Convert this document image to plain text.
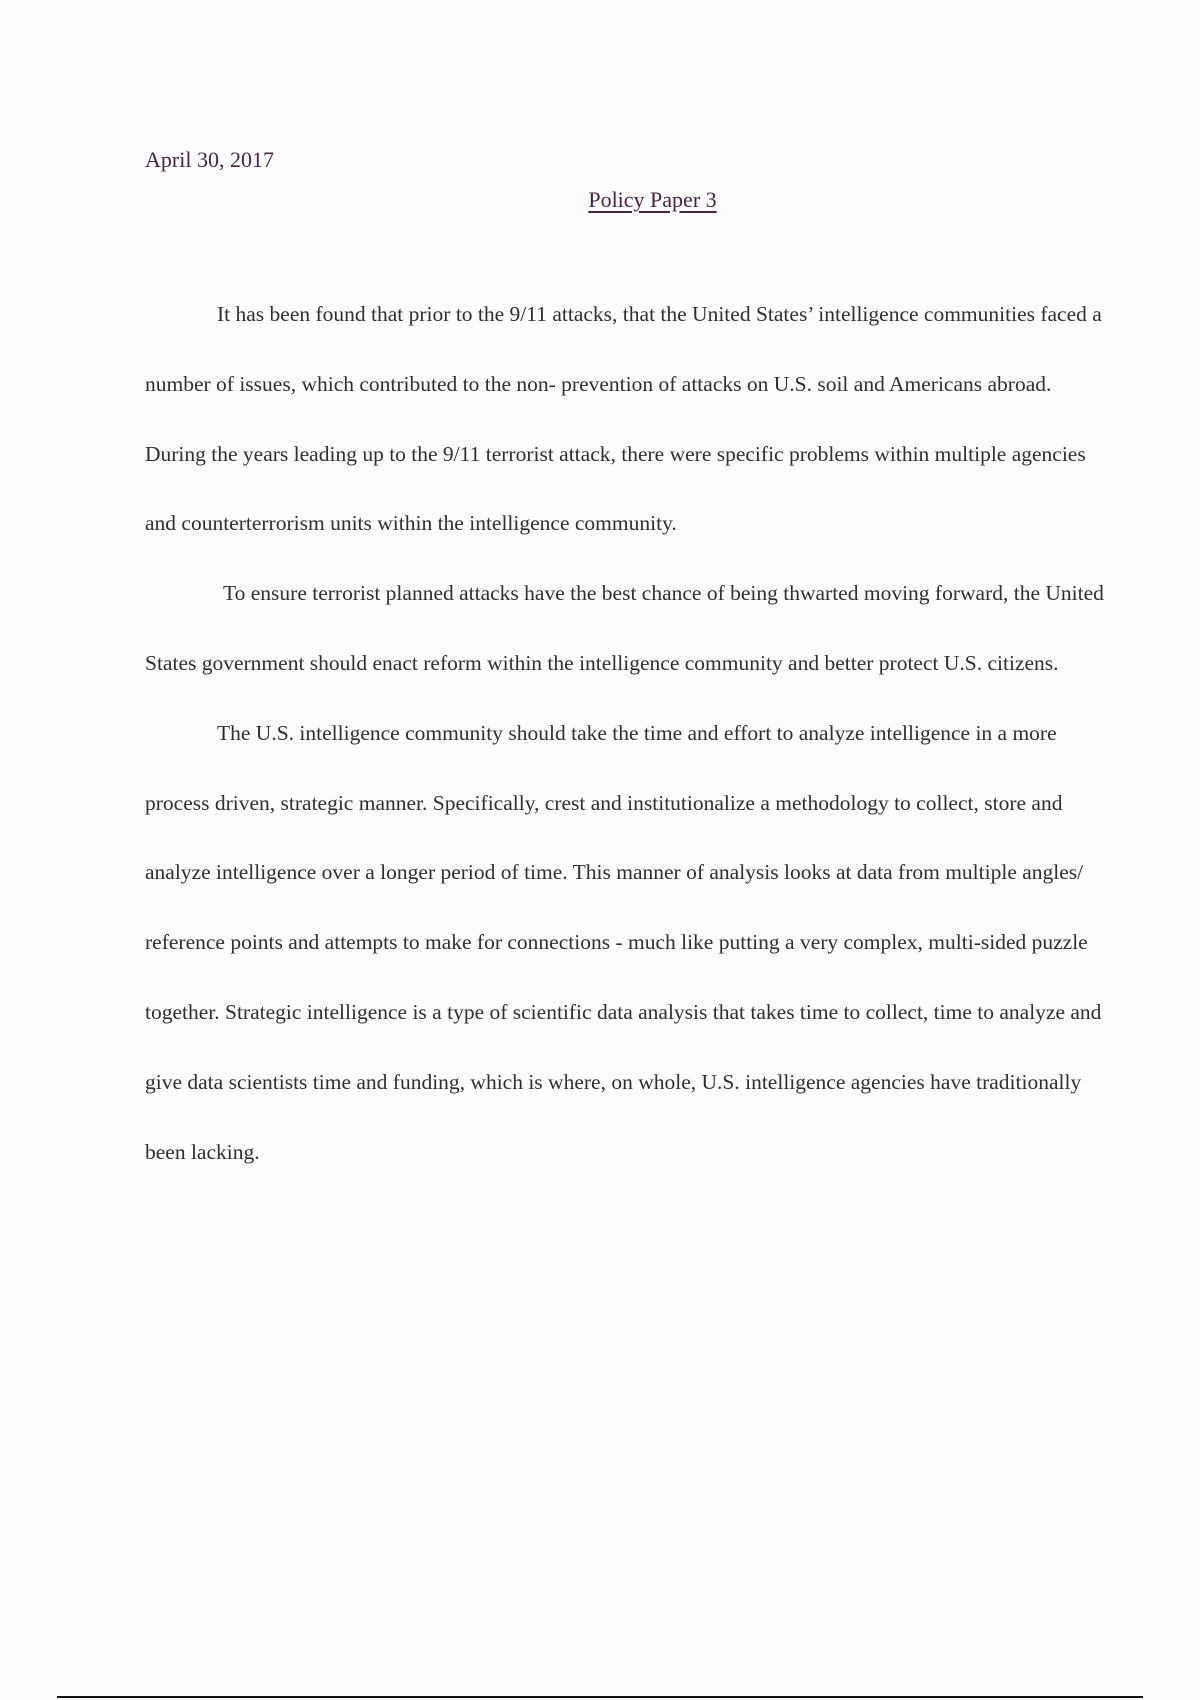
April 30, 2017
Policy Paper 3

It has been found that prior to the 9/11 attacks, that the United States’ intelligence communities faced a number of issues, which contributed to the non- prevention of attacks on U.S. soil and Americans abroad. During the years leading up to the 9/11 terrorist attack, there were specific problems within multiple agencies and counterterrorism units within the intelligence community.

To ensure terrorist planned attacks have the best chance of being thwarted moving forward, the United States government should enact reform within the intelligence community and better protect U.S. citizens.

The U.S. intelligence community should take the time and effort to analyze intelligence in a more process driven, strategic manner. Specifically, crest and institutionalize a methodology to collect, store and analyze intelligence over a longer period of time. This manner of analysis looks at data from multiple angles/ reference points and attempts to make for connections - much like putting a very complex, multi-sided puzzle together. Strategic intelligence is a type of scientific data analysis that takes time to collect, time to analyze and give data scientists time and funding, which is where, on whole, U.S. intelligence agencies have traditionally been lacking.
